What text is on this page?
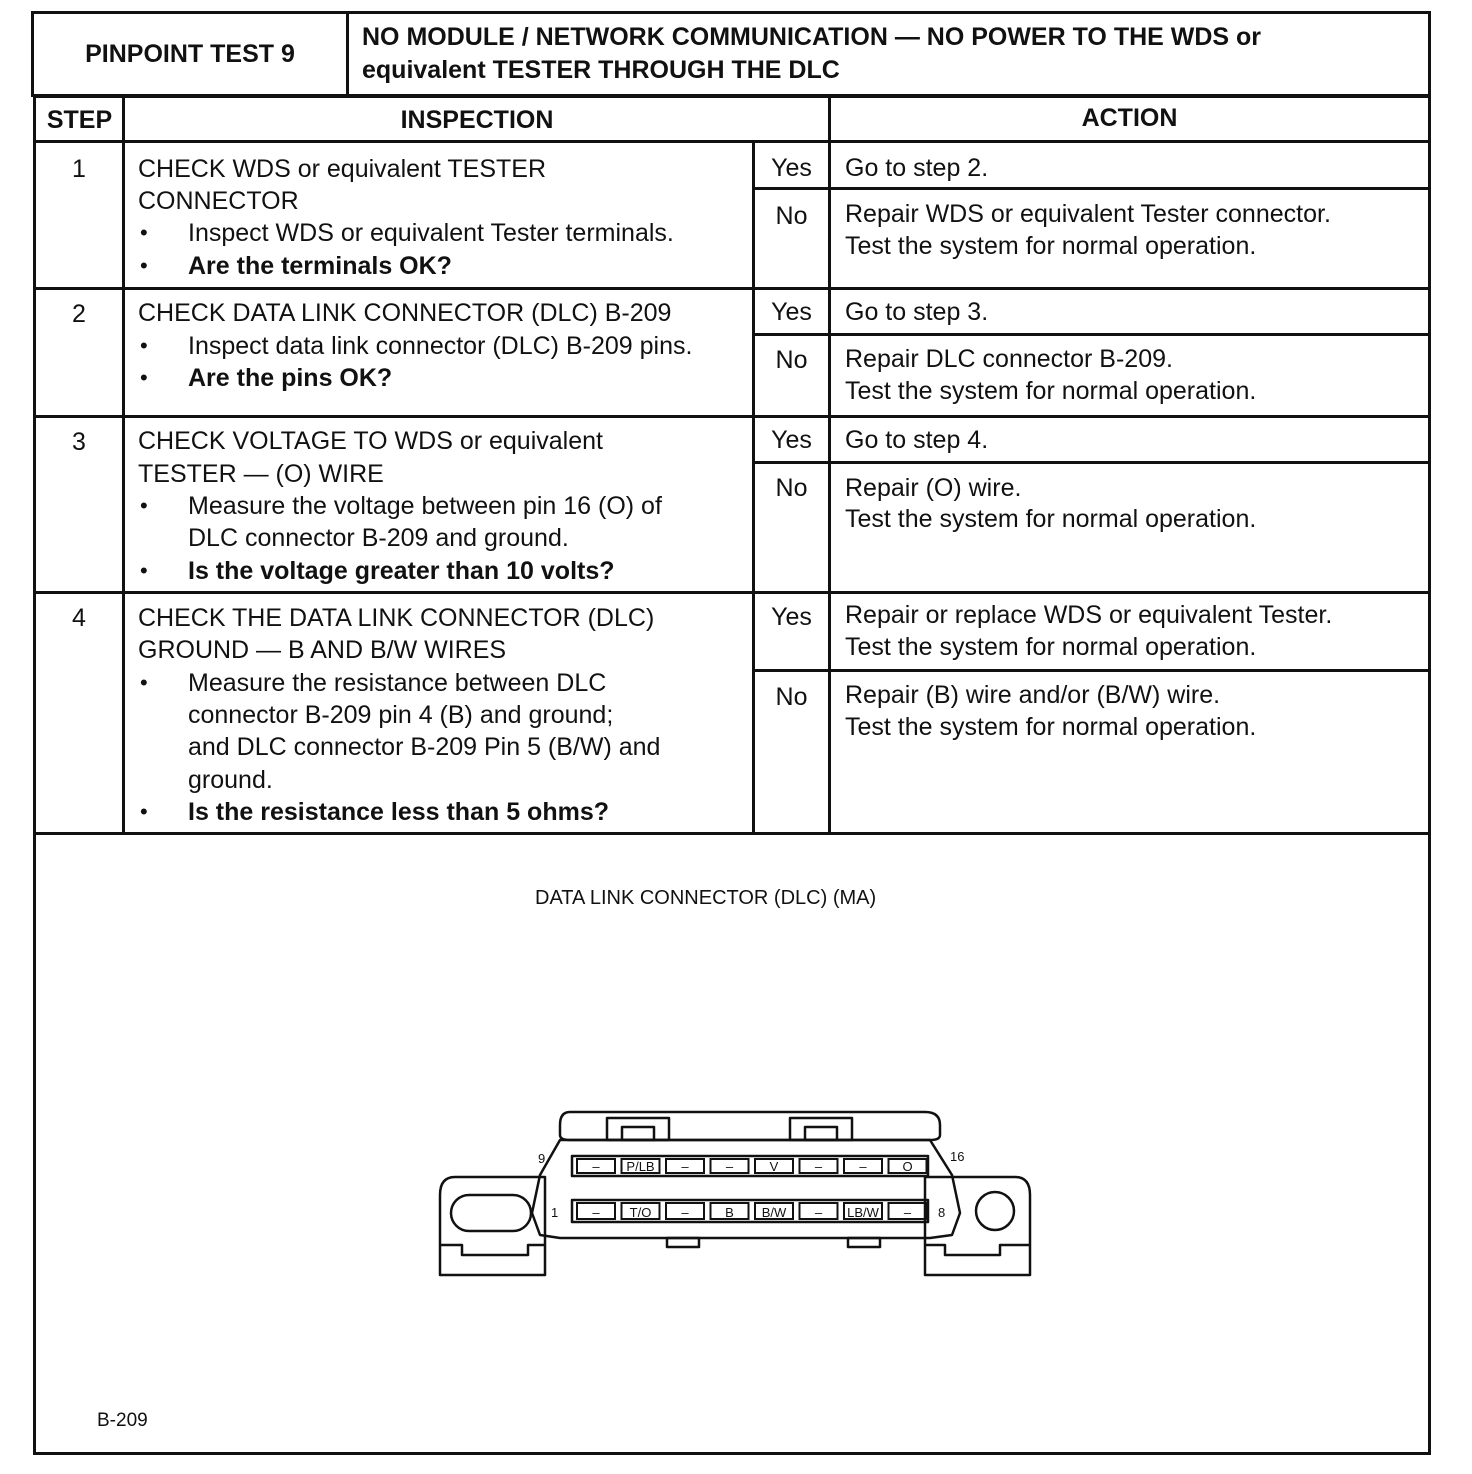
PINPOINT TEST 9
NO MODULE / NETWORK COMMUNICATION — NO POWER TO THE WDS or
equivalent TESTER THROUGH THE DLC
STEP	INSPECTION	ACTION
1	CHECK WDS or equivalent TESTER
CONNECTOR
• Inspect WDS or equivalent Tester terminals.
• Are the terminals OK?
Yes	Go to step 2.
No	Repair WDS or equivalent Tester connector.
Test the system for normal operation.
2	CHECK DATA LINK CONNECTOR (DLC) B-209
• Inspect data link connector (DLC) B-209 pins.
• Are the pins OK?
Yes	Go to step 3.
No	Repair DLC connector B-209.
Test the system for normal operation.
3	CHECK VOLTAGE TO WDS or equivalent
TESTER — (O) WIRE
• Measure the voltage between pin 16 (O) of
DLC connector B-209 and ground.
• Is the voltage greater than 10 volts?
Yes	Go to step 4.
No	Repair (O) wire.
Test the system for normal operation.
4	CHECK THE DATA LINK CONNECTOR (DLC)
GROUND — B AND B/W WIRES
• Measure the resistance between DLC
connector B-209 pin 4 (B) and ground;
and DLC connector B-209 Pin 5 (B/W) and
ground.
• Is the resistance less than 5 ohms?
Yes	Repair or replace WDS or equivalent Tester.
Test the system for normal operation.
No	Repair (B) wire and/or (B/W) wire.
Test the system for normal operation.
DATA LINK CONNECTOR (DLC) (MA)
B-209
9	16
1	8
– P/LB –	–	V	–	–	O
– T/O –	B B/W – LB/W –
